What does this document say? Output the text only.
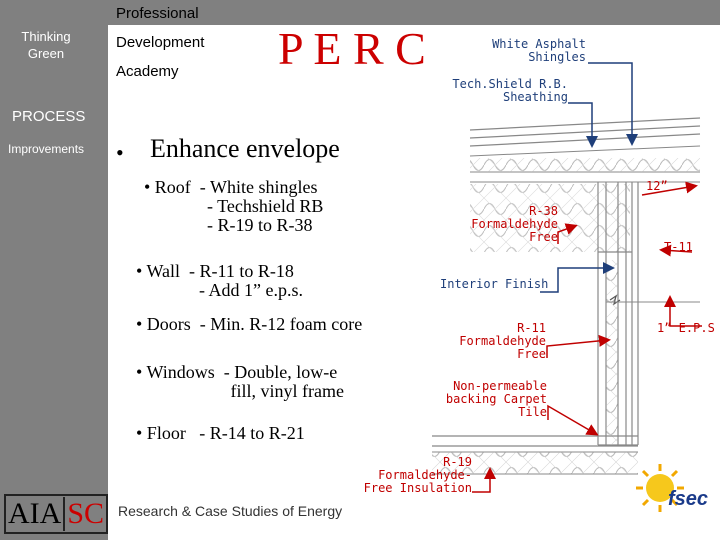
Thinking Green
PROCESS
Improvements
Professional
Development
Academy P E R C
• Enhance envelope
• Roof  - White shingles
- Techshield RB
- R-19 to R-38
• Wall  - R-11 to R-18
- Add 1” e.p.s.
• Doors  - Min. R-12 foam core
• Windows  - Double, low-e
fill, vinyl frame
• Floor   - R-14 to R-21
White Asphalt
Shingles
Tech.Shield R.B.
Sheathing
R-38
Formaldehyde
Free
Interior Finish
R-11
Formaldehyde
Free
Non-permeable
backing Carpet
Tile
R-19
Formaldehyde-
Free Insulation
12”
T-11
1” E.P.S
AIA SC Research & Case Studies of Energy
fsec
